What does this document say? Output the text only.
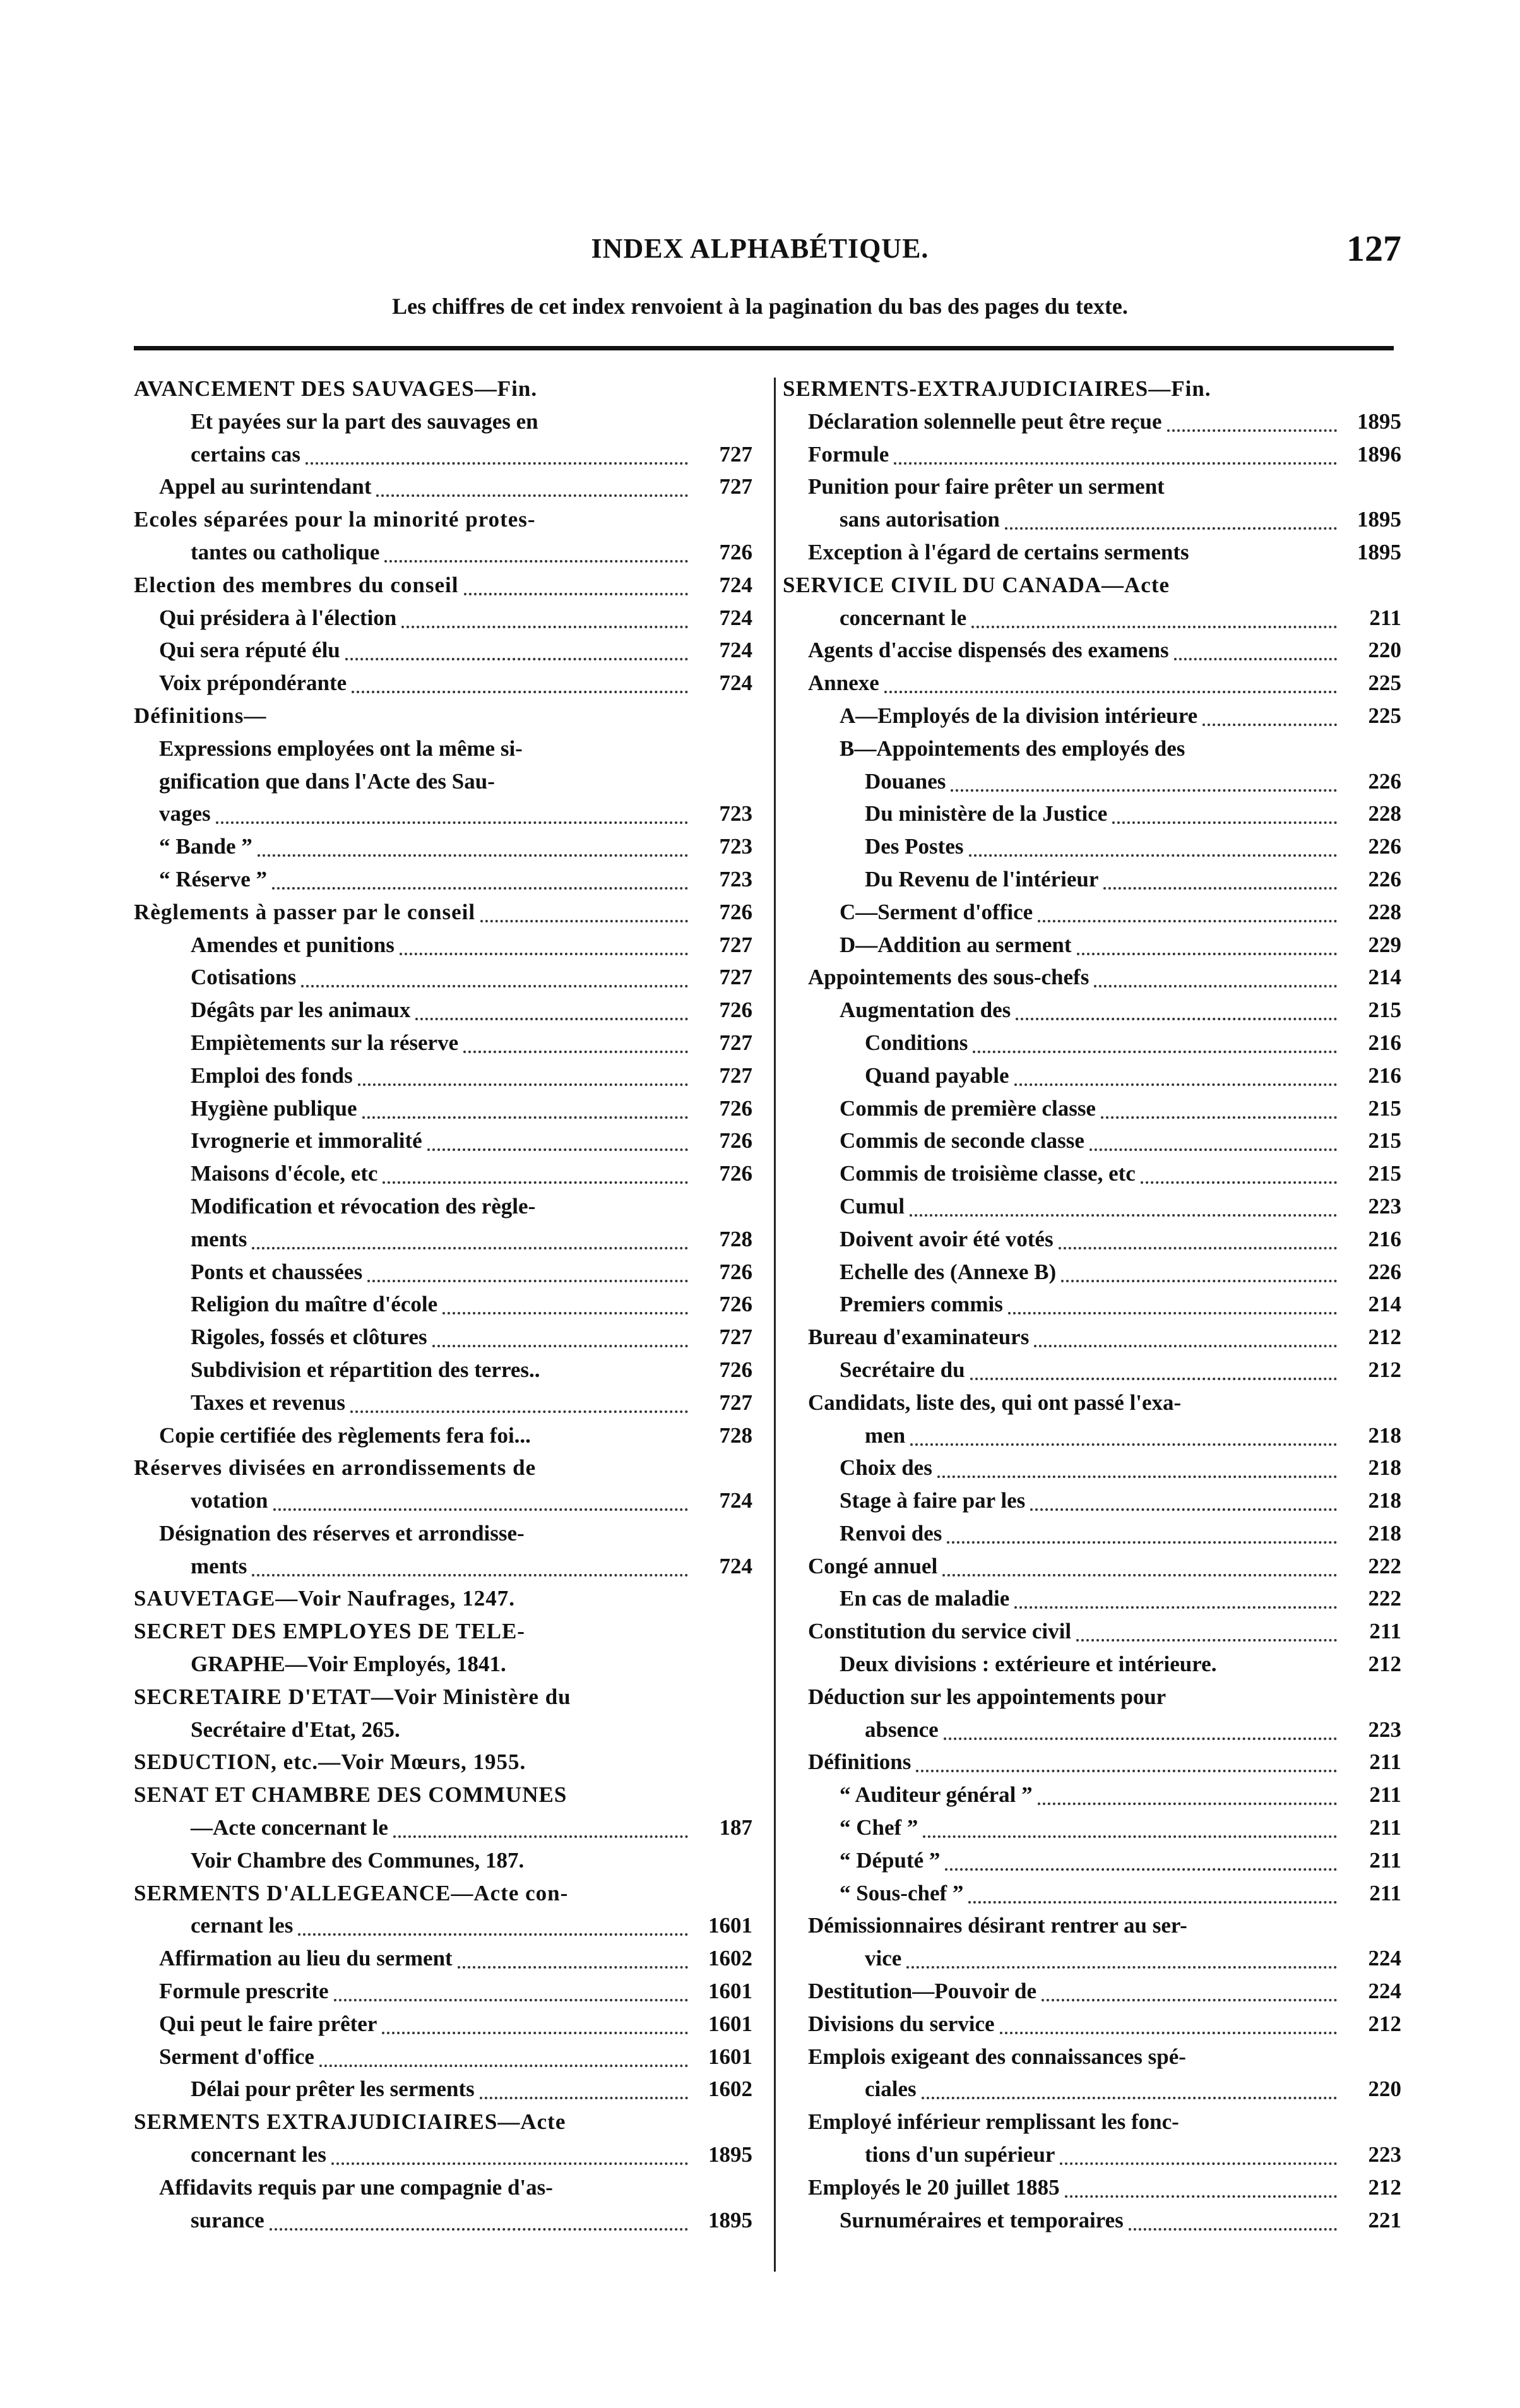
INDEX ALPHABÉTIQUE.	127
Les chiffres de cet index renvoient à la pagination du bas des pages du texte.
AVANCEMENT DES SAUVAGES—Fin.
Et payées sur la part des sauvages en
certains cas	727
Appel au surintendant	727
Ecoles séparées pour la minorité protes-
tantes ou catholique	726
Election des membres du conseil	724
Qui présidera à l'élection	724
Qui sera réputé élu	724
Voix prépondérante	724
Définitions—
Expressions employées ont la même si-
gnification que dans l'Acte des Sau-
vages	723
“ Bande ”	723
“ Réserve ”	723
Règlements à passer par le conseil	726
Amendes et punitions	727
Cotisations	727
Dégâts par les animaux	726
Empiètements sur la réserve	727
Emploi des fonds	727
Hygiène publique	726
Ivrognerie et immoralité	726
Maisons d'école, etc	726
Modification et révocation des règle-
ments	728
Ponts et chaussées	726
Religion du maître d'école	726
Rigoles, fossés et clôtures	727
Subdivision et répartition des terres..	726
Taxes et revenus	727
Copie certifiée des règlements fera foi...	728
Réserves divisées en arrondissements de
votation	724
Désignation des réserves et arrondisse-
ments	724
SAUVETAGE—Voir Naufrages, 1247.
SECRET DES EMPLOYES DE TELE-
GRAPHE—Voir Employés, 1841.
SECRETAIRE D'ETAT—Voir Ministère du
Secrétaire d'Etat, 265.
SEDUCTION, etc.—Voir Mœurs, 1955.
SENAT ET CHAMBRE DES COMMUNES
—Acte concernant le	187
Voir Chambre des Communes, 187.
SERMENTS D'ALLEGEANCE—Acte con-
cernant les	1601
Affirmation au lieu du serment	1602
Formule prescrite	1601
Qui peut le faire prêter	1601
Serment d'office	1601
Délai pour prêter les serments	1602
SERMENTS EXTRAJUDICIAIRES—Acte
concernant les	1895
Affidavits requis par une compagnie d'as-
surance	1895
SERMENTS-EXTRAJUDICIAIRES—Fin.
Déclaration solennelle peut être reçue	1895
Formule	1896
Punition pour faire prêter un serment
sans autorisation	1895
Exception à l'égard de certains serments	1895
SERVICE CIVIL DU CANADA—Acte
concernant le	211
Agents d'accise dispensés des examens	220
Annexe	225
A—Employés de la division intérieure	225
B—Appointements des employés des
Douanes	226
Du ministère de la Justice	228
Des Postes	226
Du Revenu de l'intérieur	226
C—Serment d'office	228
D—Addition au serment	229
Appointements des sous-chefs	214
Augmentation des	215
Conditions	216
Quand payable	216
Commis de première classe	215
Commis de seconde classe	215
Commis de troisième classe, etc	215
Cumul	223
Doivent avoir été votés	216
Echelle des (Annexe B)	226
Premiers commis	214
Bureau d'examinateurs	212
Secrétaire du	212
Candidats, liste des, qui ont passé l'exa-
men	218
Choix des	218
Stage à faire par les	218
Renvoi des	218
Congé annuel	222
En cas de maladie	222
Constitution du service civil	211
Deux divisions : extérieure et intérieure.	212
Déduction sur les appointements pour
absence	223
Définitions	211
“ Auditeur général ”	211
“ Chef ”	211
“ Député ”	211
“ Sous-chef ”	211
Démissionnaires désirant rentrer au ser-
vice	224
Destitution—Pouvoir de	224
Divisions du service	212
Emplois exigeant des connaissances spé-
ciales	220
Employé inférieur remplissant les fonc-
tions d'un supérieur	223
Employés le 20 juillet 1885	212
Surnuméraires et temporaires	221
